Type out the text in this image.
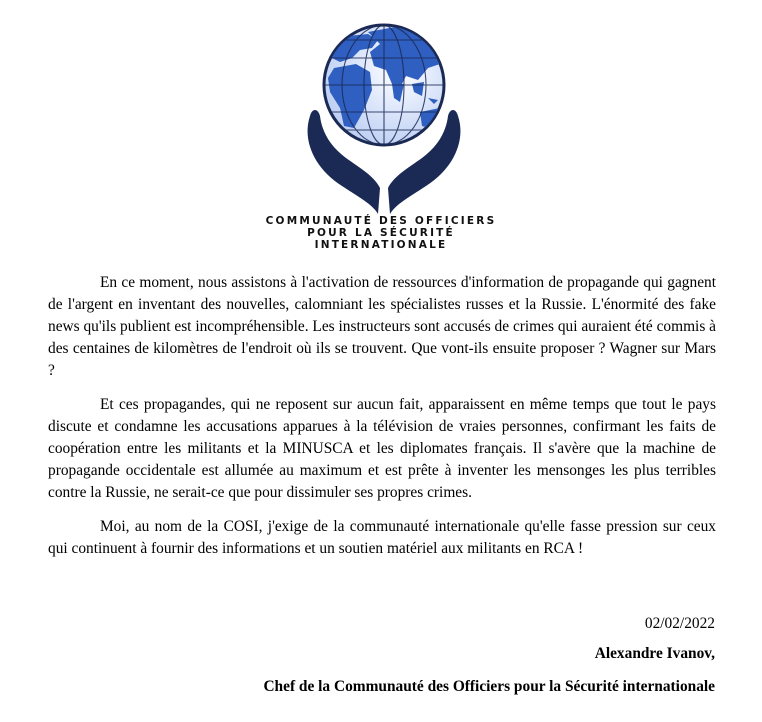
COMMUNAUTÉ DES OFFICIERS
POUR LA SÉCURITÉ
INTERNATIONALE

En ce moment, nous assistons à l'activation de ressources d'information de propagande qui gagnent de l'argent en inventant des nouvelles, calomniant les spécialistes russes et la Russie. L'énormité des fake news qu'ils publient est incompréhensible. Les instructeurs sont accusés de crimes qui auraient été commis à des centaines de kilomètres de l'endroit où ils se trouvent. Que vont-ils ensuite proposer ? Wagner sur Mars ?

Et ces propagandes, qui ne reposent sur aucun fait, apparaissent en même temps que tout le pays discute et condamne les accusations apparues à la télévision de vraies personnes, confirmant les faits de coopération entre les militants et la MINUSCA et les diplomates français. Il s'avère que la machine de propagande occidentale est allumée au maximum et est prête à inventer les mensonges les plus terribles contre la Russie, ne serait-ce que pour dissimuler ses propres crimes.

Moi, au nom de la COSI, j'exige de la communauté internationale qu'elle fasse pression sur ceux qui continuent à fournir des informations et un soutien matériel aux militants en RCA !

02/02/2022
Alexandre Ivanov,
Chef de la Communauté des Officiers pour la Sécurité internationale
